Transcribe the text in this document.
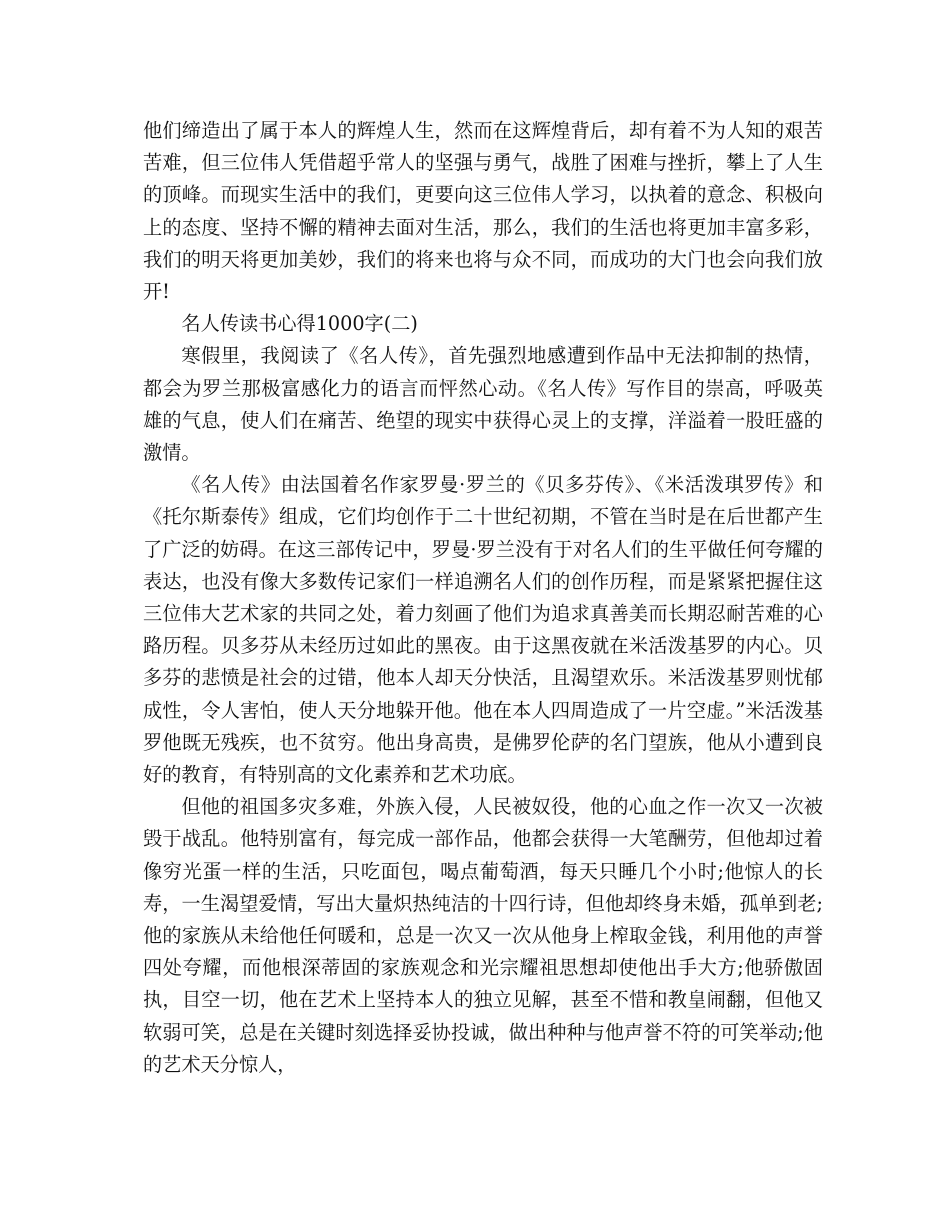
他们缔造出了属于本人的辉煌人生，然而在这辉煌背后，却有着不为人知的艰苦苦难，但三位伟人凭借超乎常人的坚强与勇气，战胜了困难与挫折，攀上了人生的顶峰。而现实生活中的我们，更要向这三位伟人学习，以执着的意念、积极向上的态度、坚持不懈的精神去面对生活，那么，我们的生活也将更加丰富多彩，我们的明天将更加美妙，我们的将来也将与众不同，而成功的大门也会向我们放开!

名人传读书心得1000字(二)

寒假里，我阅读了《名人传》，首先强烈地感遭到作品中无法抑制的热情，都会为罗兰那极富感化力的语言而怦然心动。《名人传》写作目的崇高，呼吸英雄的气息，使人们在痛苦、绝望的现实中获得心灵上的支撑，洋溢着一股旺盛的激情。

《名人传》由法国着名作家罗曼·罗兰的《贝多芬传》、《米活泼琪罗传》和《托尔斯泰传》组成，它们均创作于二十世纪初期，不管在当时是在后世都产生了广泛的妨碍。在这三部传记中，罗曼·罗兰没有于对名人们的生平做任何夸耀的表达，也没有像大多数传记家们一样追溯名人们的创作历程，而是紧紧把握住这三位伟大艺术家的共同之处，着力刻画了他们为追求真善美而长期忍耐苦难的心路历程。贝多芬从未经历过如此的黑夜。由于这黑夜就在米活泼基罗的内心。贝多芬的悲愤是社会的过错，他本人却天分快活，且渴望欢乐。米活泼基罗则忧郁成性，令人害怕，使人天分地躲开他。他在本人四周造成了一片空虚。”米活泼基罗他既无残疾，也不贫穷。他出身高贵，是佛罗伦萨的名门望族，他从小遭到良好的教育，有特别高的文化素养和艺术功底。

但他的祖国多灾多难，外族入侵，人民被奴役，他的心血之作一次又一次被毁于战乱。他特别富有，每完成一部作品，他都会获得一大笔酬劳，但他却过着像穷光蛋一样的生活，只吃面包，喝点葡萄酒，每天只睡几个小时;他惊人的长寿，一生渴望爱情，写出大量炽热纯洁的十四行诗，但他却终身未婚，孤单到老;他的家族从未给他任何暖和，总是一次又一次从他身上榨取金钱，利用他的声誉四处夸耀，而他根深蒂固的家族观念和光宗耀祖思想却使他出手大方;他骄傲固执，目空一切，他在艺术上坚持本人的独立见解，甚至不惜和教皇闹翻，但他又软弱可笑，总是在关键时刻选择妥协投诚，做出种种与他声誉不符的可笑举动;他的艺术天分惊人，
